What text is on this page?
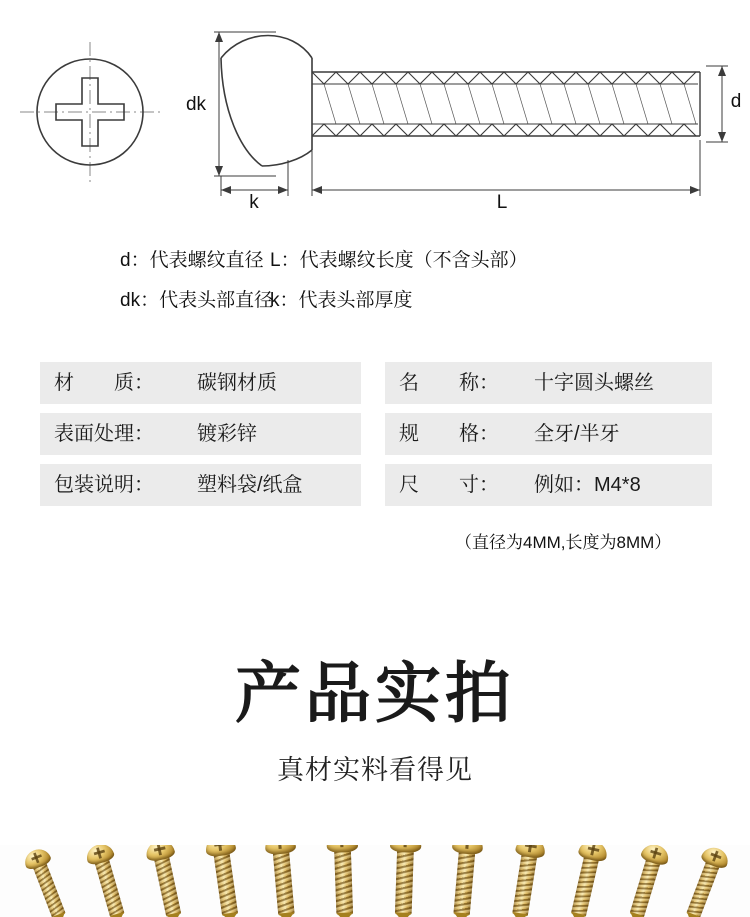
dk	d
k	L
d：代表螺纹直径 L：代表螺纹长度（不含头部）
dk：代表头部直径
k：代表头部厚度
材　　质：	碳钢材质	名　　称：	十字圆头螺丝
表面处理：	镀彩锌	规　　格：	全牙/半牙
包装说明：	塑料袋/纸盒	尺　　寸：	例如：M4*8
（直径为4MM,长度为8MM）
产品实拍
真材实料看得见
